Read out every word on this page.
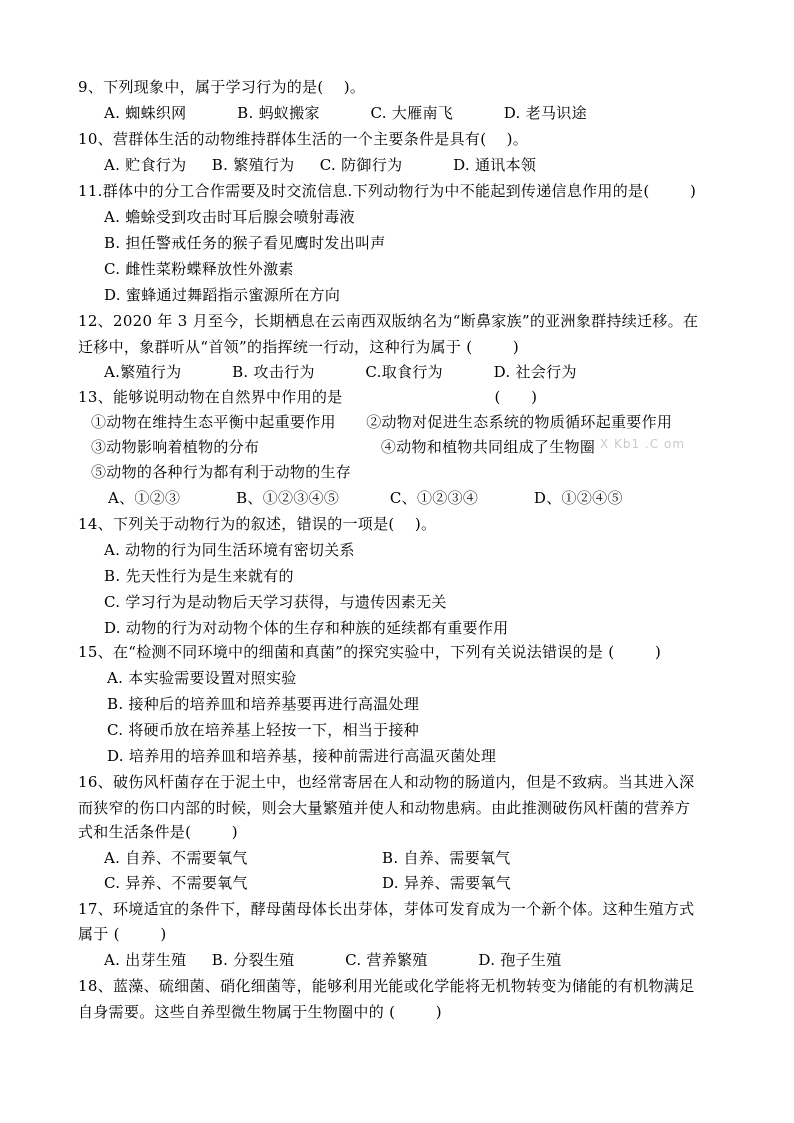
9、下列现象中，属于学习行为的是(    )。
A. 蜘蛛织网          B. 蚂蚁搬家          C. 大雁南飞          D. 老马识途
10、营群体生活的动物维持群体生活的一个主要条件是具有(    )。
A. 贮食行为     B. 繁殖行为     C. 防御行为          D. 通讯本领
11.群体中的分工合作需要及时交流信息.下列动物行为中不能起到传递信息作用的是(        )
A. 蟾蜍受到攻击时耳后腺会喷射毒液
B. 担任警戒任务的猴子看见鹰时发出叫声
C. 雌性菜粉蝶释放性外激素
D. 蜜蜂通过舞蹈指示蜜源所在方向
12、2020 年 3 月至今，长期栖息在云南西双版纳名为“断鼻家族”的亚洲象群持续迁移。在
迁移中，象群听从“首领”的指挥统一行动，这种行为属于 (        )
A.繁殖行为          B. 攻击行为          C.取食行为          D. 社会行为
13、能够说明动物在自然界中作用的是                              (      )
①动物在维持生态平衡中起重要作用      ②动物对促进生态系统的物质循环起重要作用
③动物影响着植物的分布                        ④动物和植物共同组成了生物圈
⑤动物的各种行为都有利于动物的生存
A、①②③           B、①②③④⑤          C、①②③④           D、①②④⑤
14、下列关于动物行为的叙述，错误的一项是(    )。
A. 动物的行为同生活环境有密切关系
B. 先天性行为是生来就有的
C. 学习行为是动物后天学习获得，与遗传因素无关
D. 动物的行为对动物个体的生存和种族的延续都有重要作用
15、在“检测不同环境中的细菌和真菌”的探究实验中，下列有关说法错误的是 (        )
A. 本实验需要设置对照实验
B. 接种后的培养皿和培养基要再进行高温处理
C. 将硬币放在培养基上轻按一下，相当于接种
D. 培养用的培养皿和培养基，接种前需进行高温灭菌处理
16、破伤风杆菌存在于泥土中，也经常寄居在人和动物的肠道内，但是不致病。当其进入深
而狭窄的伤口内部的时候，则会大量繁殖并使人和动物患病。由此推测破伤风杆菌的营养方
式和生活条件是(        )
A. 自养、不需要氧气	B. 自养、需要氧气
C. 异养、不需要氧气	D. 异养、需要氧气
17、环境适宜的条件下，酵母菌母体长出芽体，芽体可发育成为一个新个体。这种生殖方式
属于 (        )
A. 出芽生殖     B. 分裂生殖          C. 营养繁殖          D. 孢子生殖
18、蓝藻、硫细菌、硝化细菌等，能够利用光能或化学能将无机物转变为储能的有机物满足
自身需要。这些自养型微生物属于生物圈中的 (        )
X Kb1 .C om
